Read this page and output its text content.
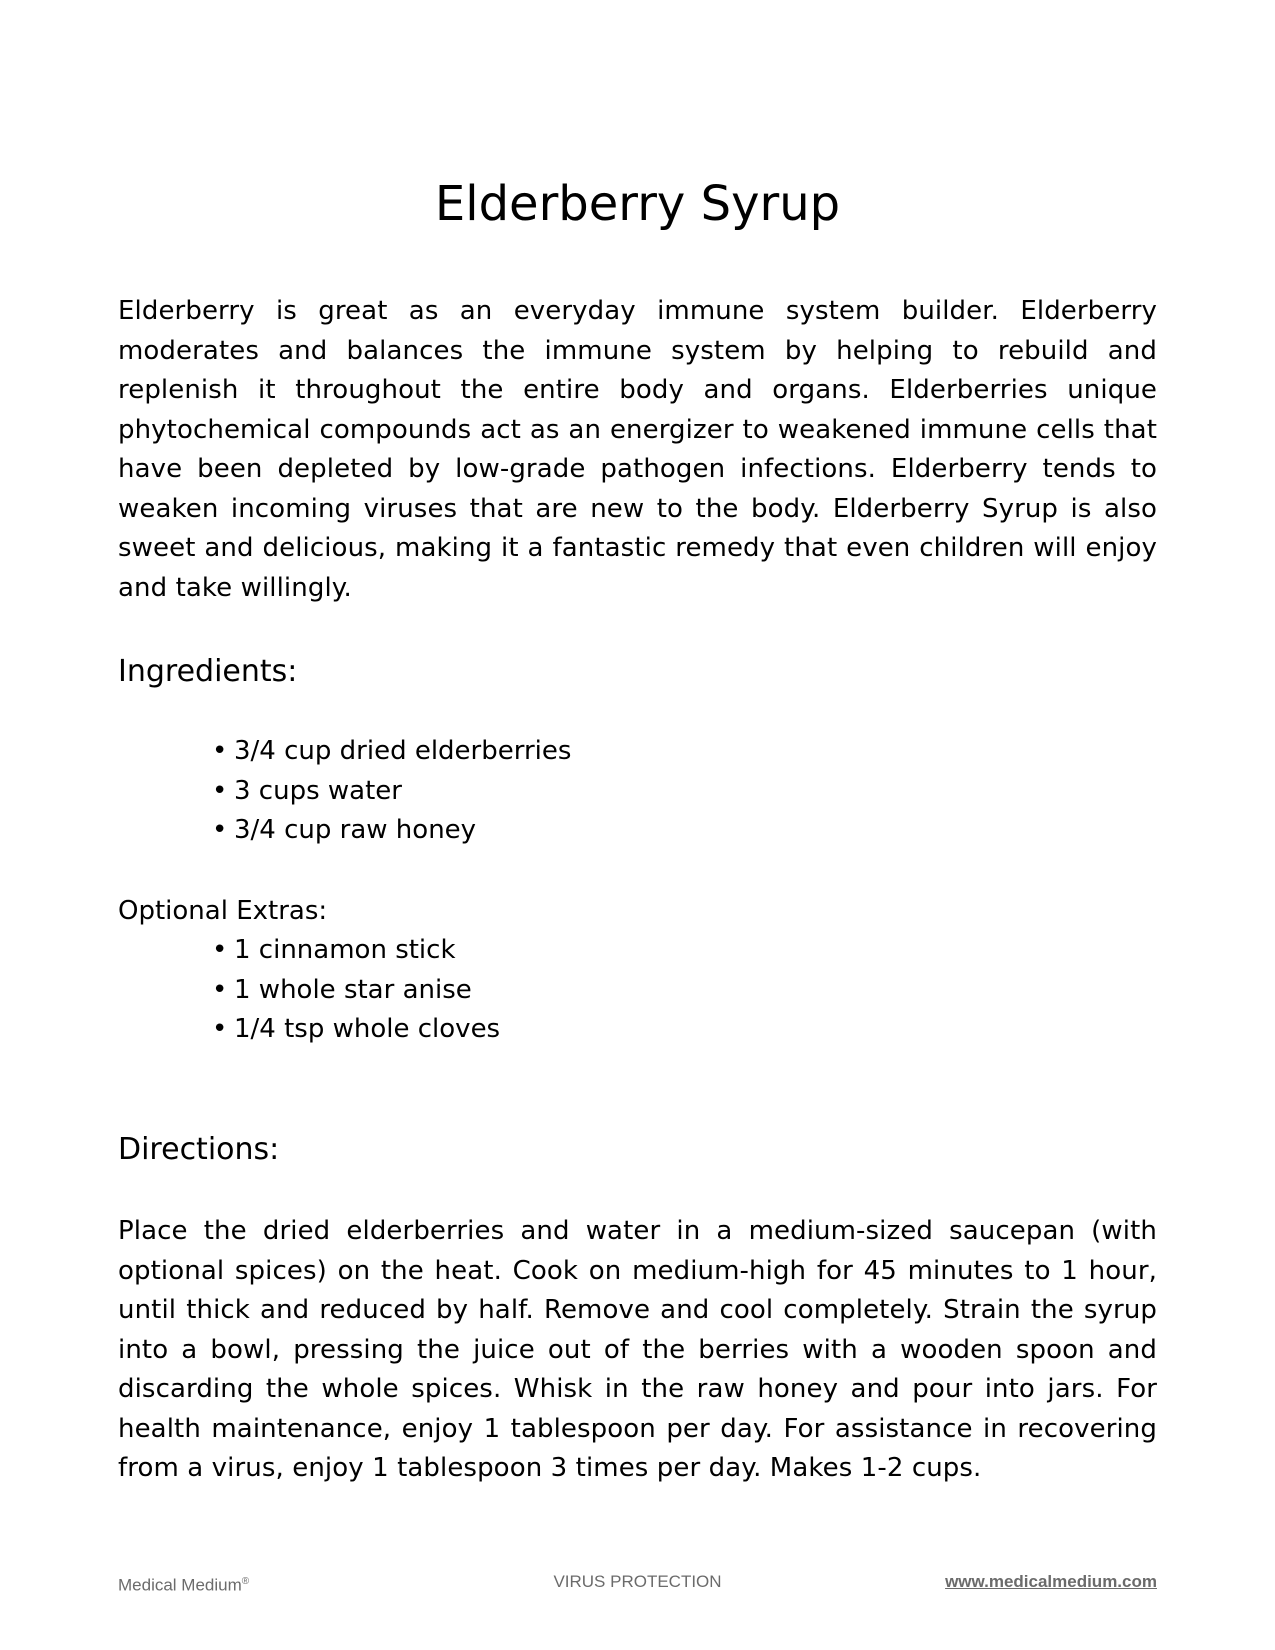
Elderberry Syrup

Elderberry is great as an everyday immune system builder. Elderberry moderates and balances the immune system by helping to rebuild and replenish it throughout the entire body and organs. Elderberries unique phytochemical compounds act as an energizer to weakened immune cells that have been depleted by low-grade pathogen infections. Elderberry tends to weaken incoming viruses that are new to the body. Elderberry Syrup is also sweet and delicious, making it a fantastic remedy that even children will enjoy and take willingly.

Ingredients:
• 3/4 cup dried elderberries
• 3 cups water
• 3/4 cup raw honey

Optional Extras:

• 1 cinnamon stick
• 1 whole star anise
• 1/4 tsp whole cloves
Directions:

Place the dried elderberries and water in a medium-sized saucepan (with optional spices) on the heat. Cook on medium-high for 45 minutes to 1 hour, until thick and reduced by half. Remove and cool completely. Strain the syrup into a bowl, pressing the juice out of the berries with a wooden spoon and discarding the whole spices. Whisk in the raw honey and pour into jars. For health maintenance, enjoy 1 tablespoon per day. For assistance in recovering from a virus, enjoy 1 tablespoon 3 times per day. Makes 1-2 cups.

Medical Medium®	VIRUS PROTECTION	www.medicalmedium.com
